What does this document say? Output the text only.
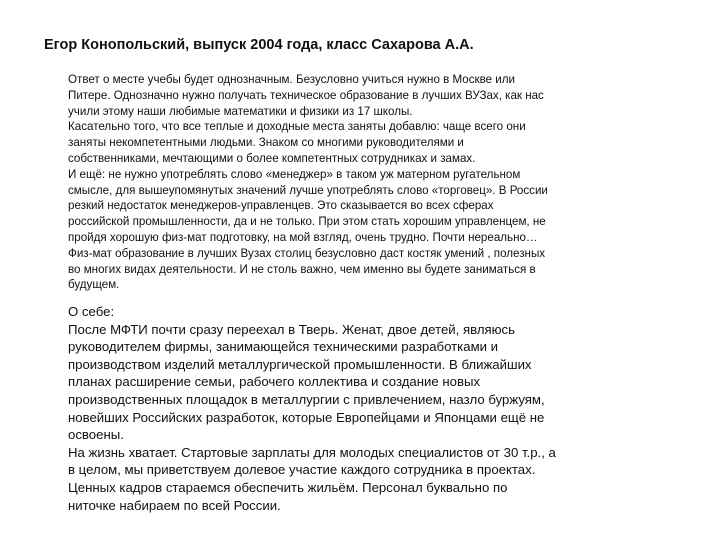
Егор Конопольский, выпуск 2004 года, класс Сахарова А.А.
Ответ о месте учебы будет однозначным. Безусловно учиться нужно в Москве или
Питере. Однозначно нужно получать техническое образование в лучших ВУЗах, как нас
учили этому наши любимые математики и физики из 17 школы.
Касательно того, что все теплые и доходные места заняты добавлю: чаще всего они
заняты некомпетентными людьми. Знаком со многими руководителями и
собственниками, мечтающими о более компетентных сотрудниках и замах.
И ещё: не нужно употреблять слово «менеджер» в таком уж матерном ругательном
смысле, для вышеупомянутых значений лучше употреблять слово «торговец». В России
резкий недостаток менеджеров-управленцев. Это сказывается во всех сферах
российской промышленности, да и не только. При этом стать хорошим управленцем, не
пройдя хорошую физ-мат подготовку, на мой взгляд, очень трудно. Почти нереально…
Физ-мат образование в лучших Вузах столиц безусловно даст костяк умений , полезных
во многих видах деятельности. И не столь важно, чем именно вы будете заниматься в
будущем.
О себе:
После МФТИ почти сразу переехал в Тверь. Женат, двое детей, являюсь
руководителем фирмы, занимающейся техническими разработками и
производством изделий металлургической промышленности. В ближайших
планах расширение семьи, рабочего коллектива и создание новых
производственных площадок в металлургии с привлечением, назло буржуям,
новейших Российских разработок, которые Европейцами и Японцами ещё не
освоены.
На жизнь хватает. Стартовые зарплаты для молодых специалистов от 30 т.р., а
в целом, мы приветствуем долевое участие каждого сотрудника в проектах.
Ценных кадров стараемся обеспечить жильём. Персонал буквально по
ниточке набираем по всей России.
